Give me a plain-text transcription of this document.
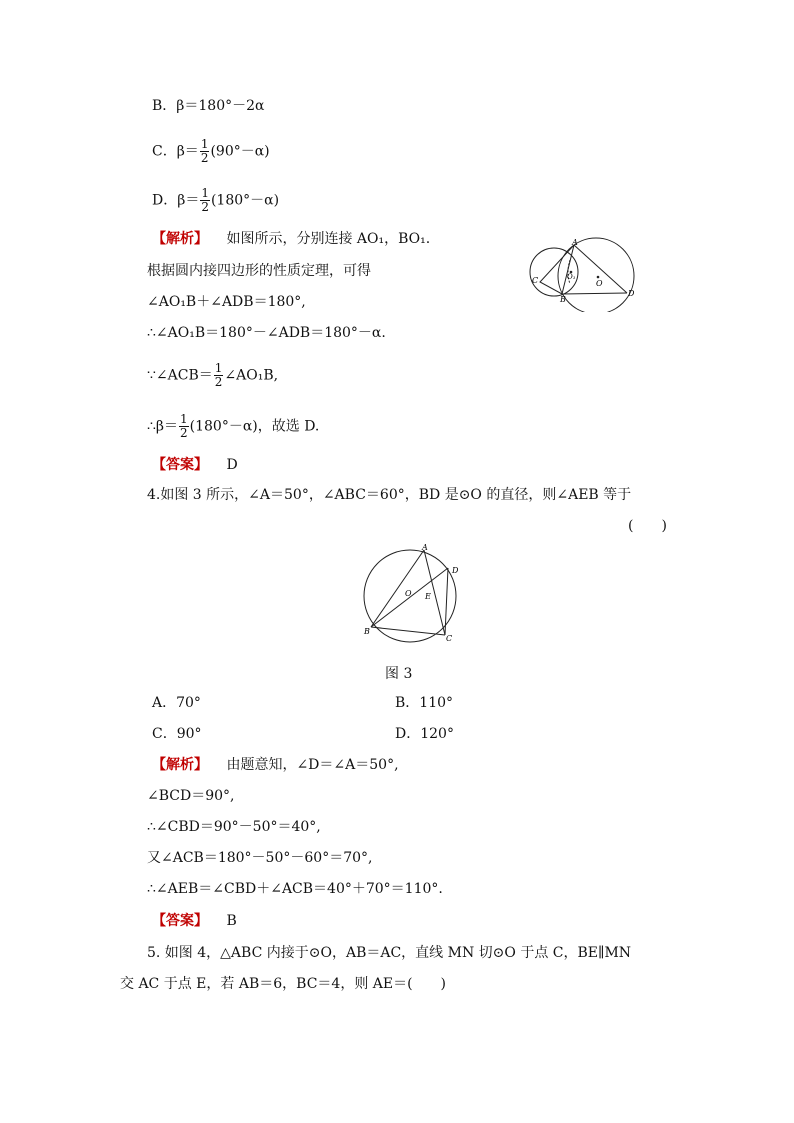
B．β＝180°－2α
C．$\beta= \frac{1}{2} (90^\circ-\alpha)$
D．$\beta= \frac{1}{2} (180^\circ-\alpha)$
【解析】 如图所示，分别连接 AO₁，BO₁.
根据圆内接四边形的性质定理，可得
∠AO₁B＋∠ADB＝180°,
∴∠AO₁B＝180°－∠ADB＝180°－α.
∵∠ACB＝ $\frac{1}{2}$ ∠AO₁B,
∴β＝ $\frac{1}{2} (180^\circ-\alpha)$，故选 D.
A
C
B
D
O₁
O
【答案】 D
4.如图 3 所示，∠A＝50°，∠ABC＝60°，BD 是⊙O 的直径，则∠AEB 等于
(　　)
A
D
O E
B
C
图 3
A．70°	B．110°
C．90°	D．120°
【解析】 由题意知，∠D＝∠A＝50°,
∠BCD＝90°,
∴∠CBD＝90°－50°＝40°,
又∠ACB＝180°－50°－60°＝70°,
∴∠AEB＝∠CBD＋∠ACB＝40°＋70°＝110°.
【答案】 B
5. 如图 4，△ABC 内接于⊙O，AB＝AC，直线 MN 切⊙O 于点 C，BE∥MN
交 AC 于点 E，若 AB＝6，BC＝4，则 AE＝(　　)
